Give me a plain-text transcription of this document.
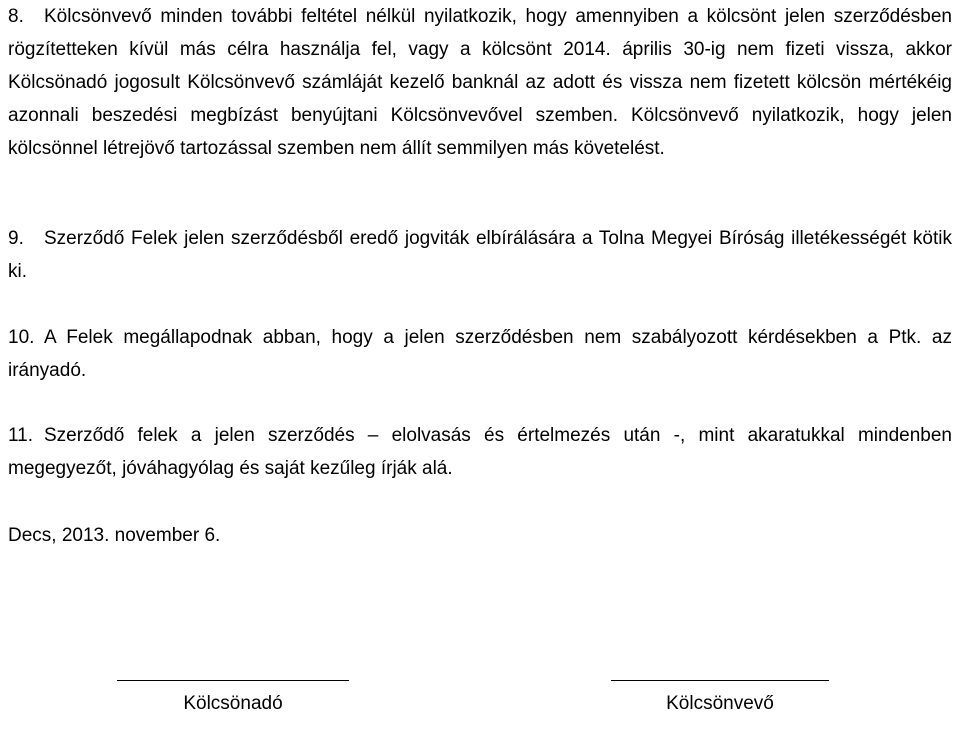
8. Kölcsönvevő minden további feltétel nélkül nyilatkozik, hogy amennyiben a kölcsönt jelen szerződésben rögzítetteken kívül más célra használja fel, vagy a kölcsönt 2014. április 30-ig nem fizeti vissza, akkor Kölcsönadó jogosult Kölcsönvevő számláját kezelő banknál az adott és vissza nem fizetett kölcsön mértékéig azonnali beszedési megbízást benyújtani Kölcsönvevővel szemben. Kölcsönvevő nyilatkozik, hogy jelen kölcsönnel létrejövő tartozással szemben nem állít semmilyen más követelést.
9. Szerződő Felek jelen szerződésből eredő jogviták elbírálására a Tolna Megyei Bíróság illetékességét kötik ki.
10. A Felek megállapodnak abban, hogy a jelen szerződésben nem szabályozott kérdésekben a Ptk. az irányadó.
11. Szerződő felek a jelen szerződés – elolvasás és értelmezés után -, mint akaratukkal mindenben megegyezőt, jóváhagyólag és saját kezűleg írják alá.
Decs, 2013. november 6.
Kölcsönadó	Kölcsönvevő
